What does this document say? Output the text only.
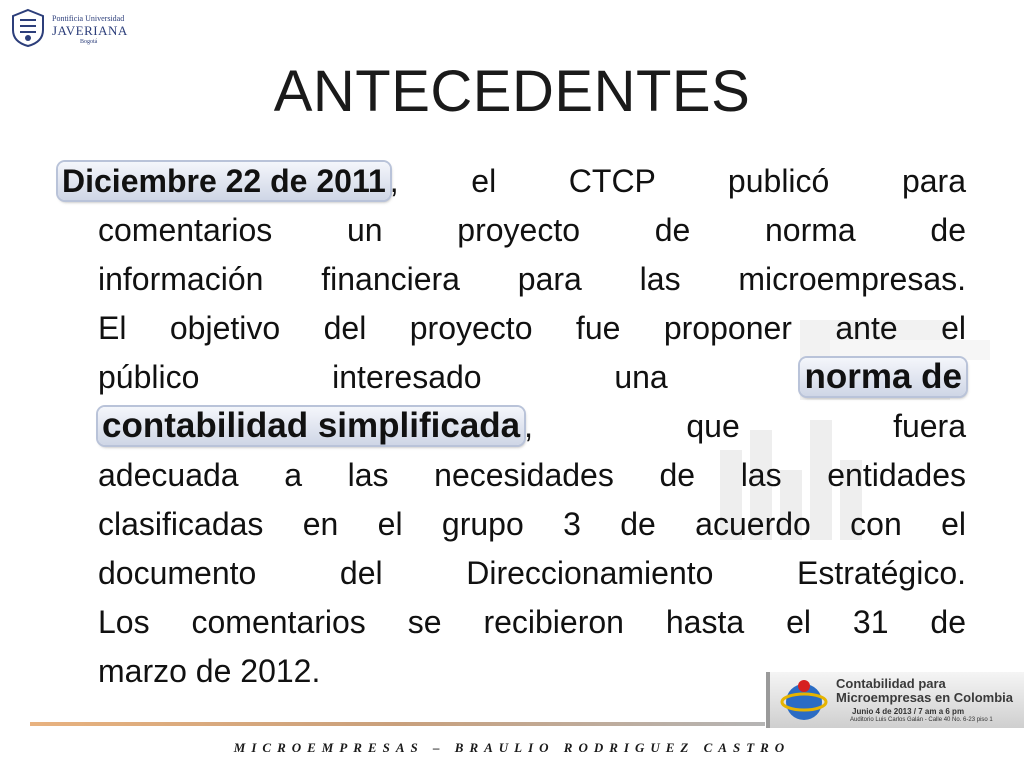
Pontificia Universidad
JAVERIANA
Bogotá
ANTECEDENTES
Diciembre 22 de 2011 , el CTCP publicó para
comentarios un proyecto de norma de
información financiera para las microempresas.
El objetivo del proyecto fue proponer ante el
público interesado una	norma de
contabilidad simplificada , que fuera
adecuada a las necesidades de las entidades
clasificadas en el grupo 3 de acuerdo con el
documento del Direccionamiento Estratégico.
Los comentarios se recibieron hasta el 31 de
marzo de 2012.	Contabilidad para
Microempresas en Colombia
Junio 4 de 2013 / 7 am a 6 pm
Auditorio Luis Carlos Galán - Calle 40 No. 6-23 piso 1
MICROEMPRESAS – BRAULIO RODRIGUEZ CASTRO
